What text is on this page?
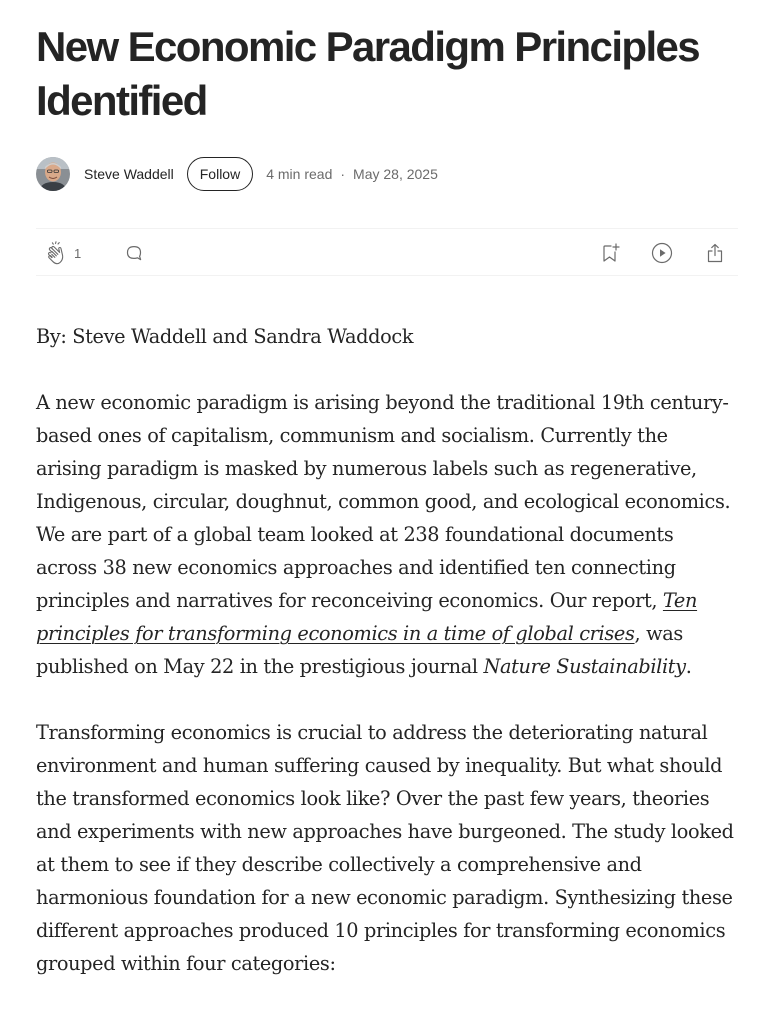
New Economic Paradigm Principles Identified
Steve Waddell	Follow	4 min read · May 28, 2025
1

By: Steve Waddell and Sandra Waddock

A new economic paradigm is arising beyond the traditional 19th century-based ones of capitalism, communism and socialism. Currently the arising paradigm is masked by numerous labels such as regenerative, Indigenous, circular, doughnut, common good, and ecological economics. We are part of a global team looked at 238 foundational documents across 38 new economics approaches and identified ten connecting principles and narratives for reconceiving economics. Our report, Ten principles for transforming economics in a time of global crises, was published on May 22 in the prestigious journal Nature Sustainability.

Transforming economics is crucial to address the deteriorating natural environment and human suffering caused by inequality. But what should the transformed economics look like? Over the past few years, theories and experiments with new approaches have burgeoned. The study looked at them to see if they describe collectively a comprehensive and harmonious foundation for a new economic paradigm. Synthesizing these different approaches produced 10 principles for transforming economics grouped within four categories:
